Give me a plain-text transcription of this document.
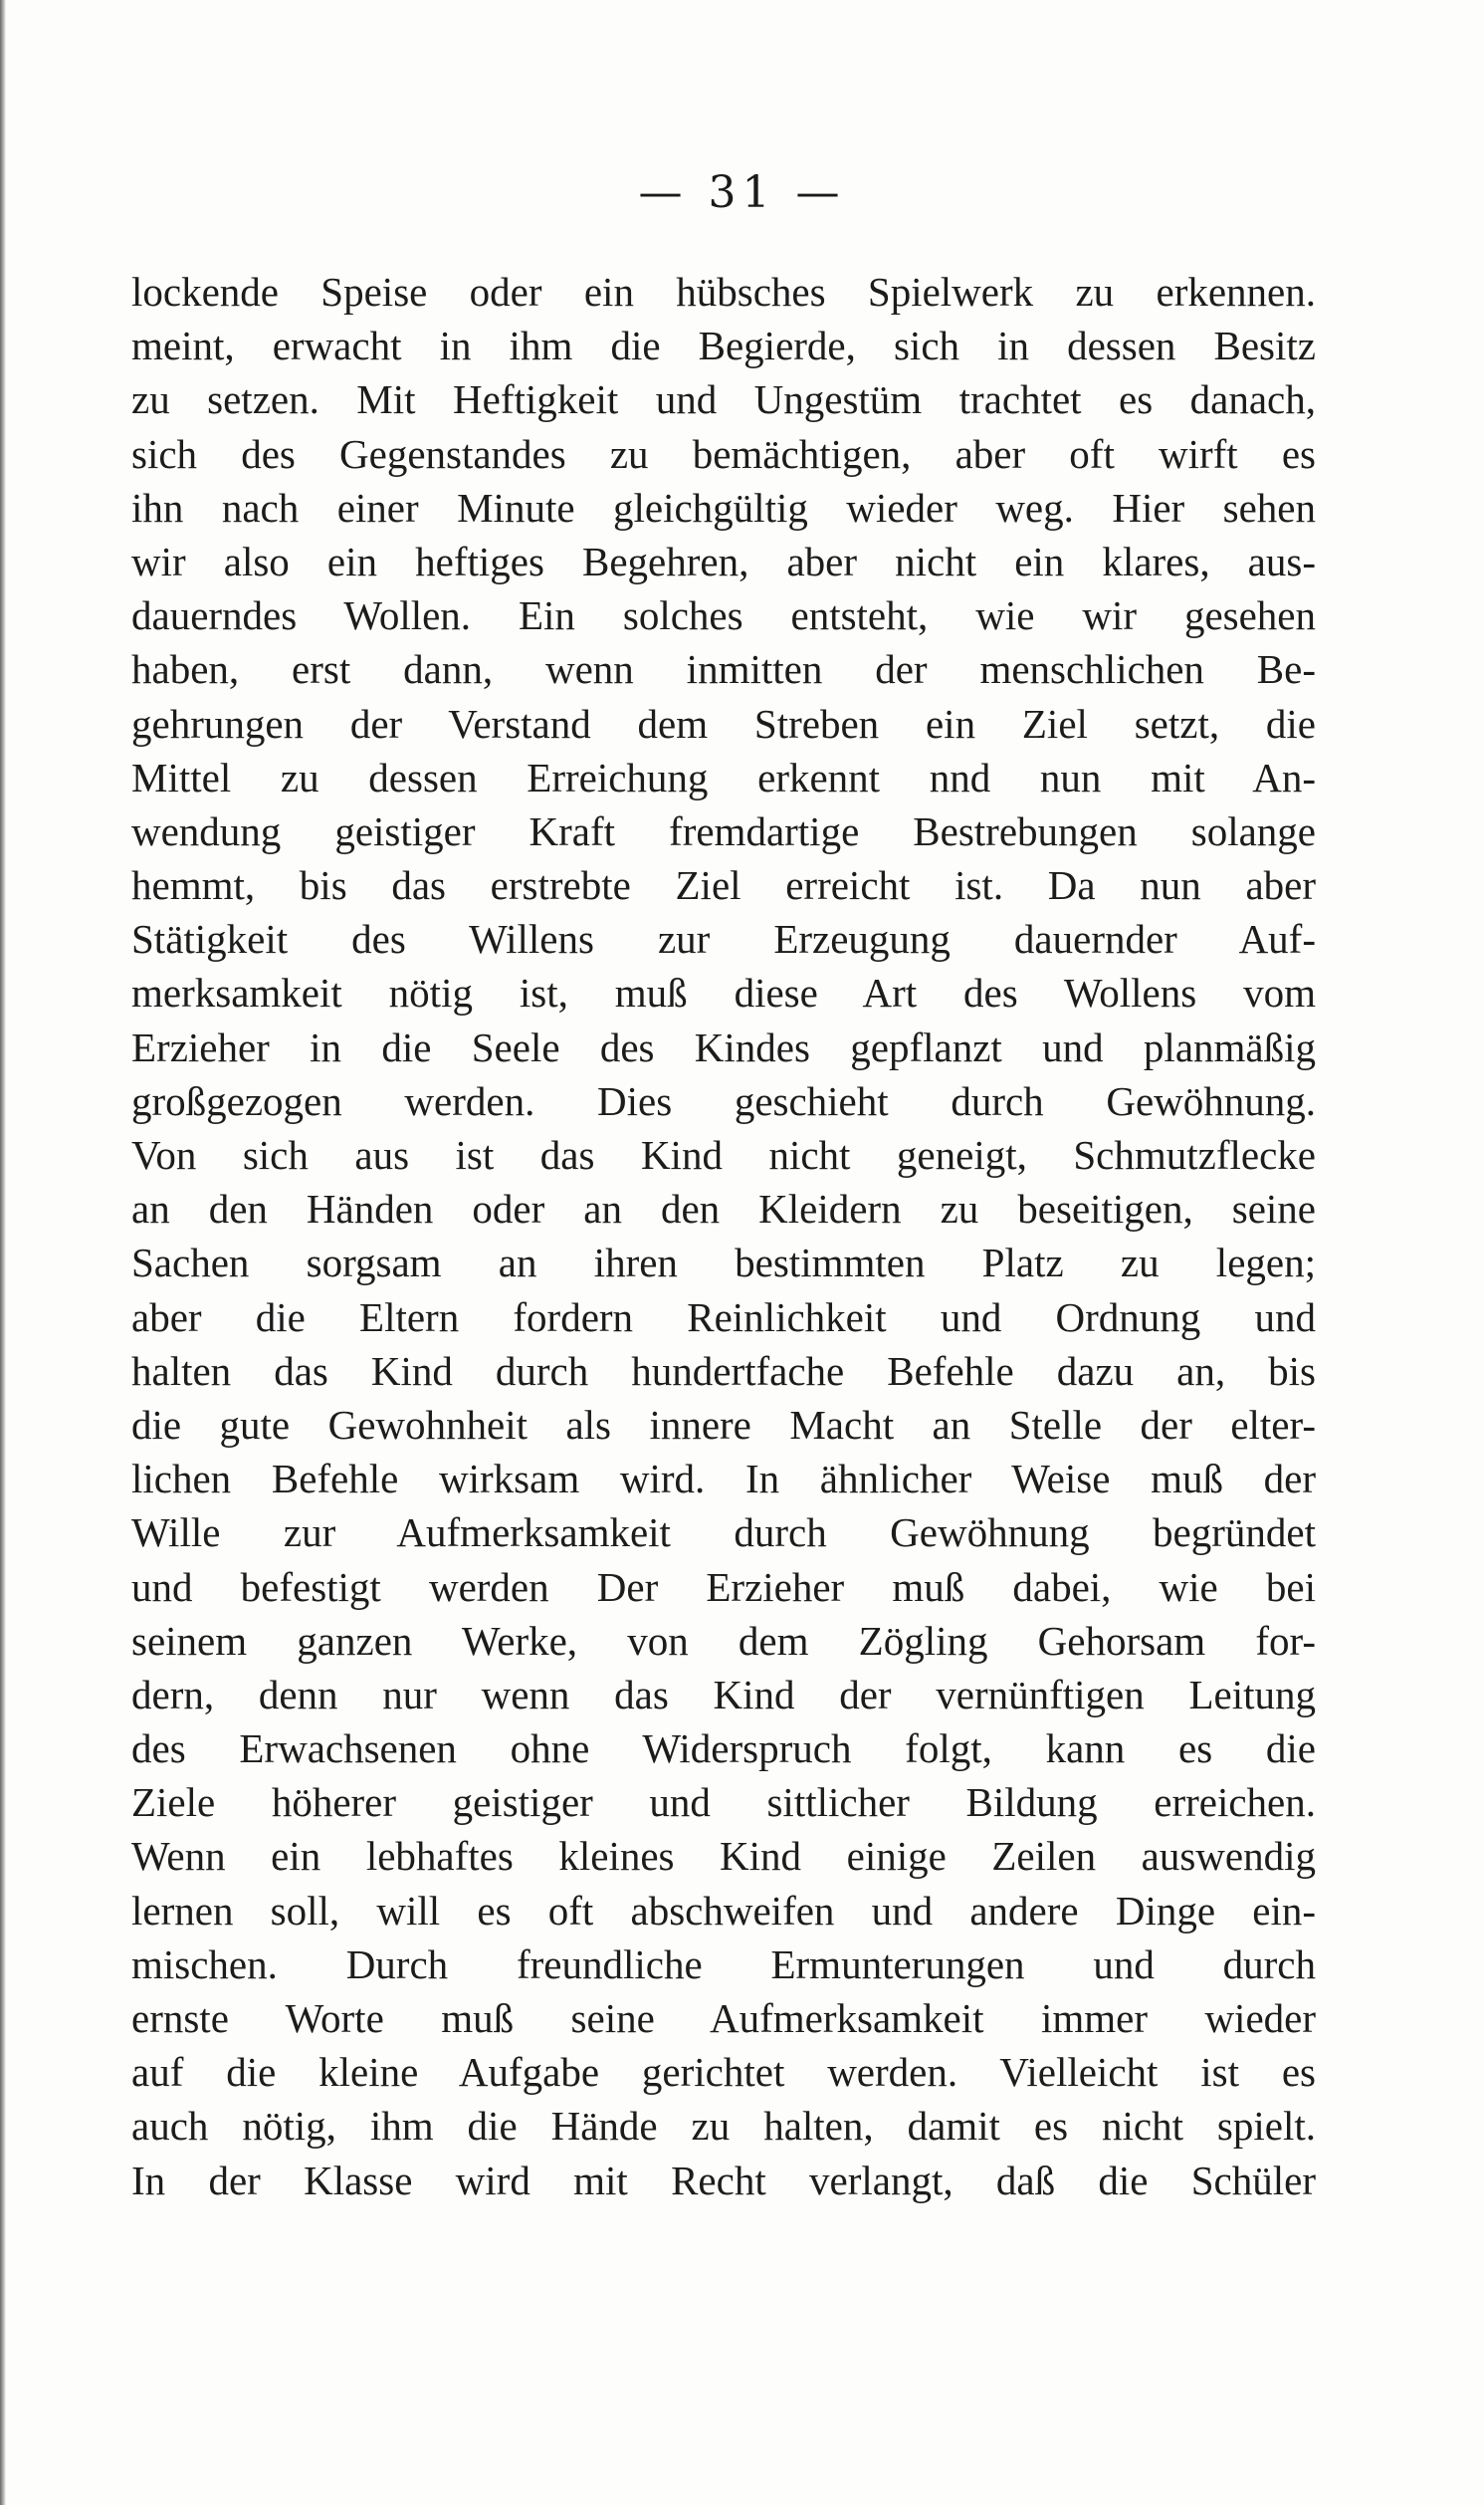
— 31 —
lockende Speise oder ein hübsches Spielwerk zu erkennen.
meint, erwacht in ihm die Begierde, sich in dessen Besitz
zu setzen. Mit Heftigkeit und Ungestüm trachtet es danach,
sich des Gegenstandes zu bemächtigen, aber oft wirft es
ihn nach einer Minute gleichgültig wieder weg. Hier sehen
wir also ein heftiges Begehren, aber nicht ein klares, aus-
dauerndes Wollen. Ein solches entsteht, wie wir gesehen
haben, erst dann, wenn inmitten der menschlichen Be-
gehrungen der Verstand dem Streben ein Ziel setzt, die
Mittel zu dessen Erreichung erkennt nnd nun mit An-
wendung geistiger Kraft fremdartige Bestrebungen solange
hemmt, bis das erstrebte Ziel erreicht ist. Da nun aber
Stätigkeit des Willens zur Erzeugung dauernder Auf-
merksamkeit nötig ist, muß diese Art des Wollens vom
Erzieher in die Seele des Kindes gepflanzt und planmäßig
großgezogen werden. Dies geschieht durch Gewöhnung.
Von sich aus ist das Kind nicht geneigt, Schmutzflecke
an den Händen oder an den Kleidern zu beseitigen, seine
Sachen sorgsam an ihren bestimmten Platz zu legen;
aber die Eltern fordern Reinlichkeit und Ordnung und
halten das Kind durch hundertfache Befehle dazu an, bis
die gute Gewohnheit als innere Macht an Stelle der elter-
lichen Befehle wirksam wird. In ähnlicher Weise muß der
Wille zur Aufmerksamkeit durch Gewöhnung begründet
und befestigt werden Der Erzieher muß dabei, wie bei
seinem ganzen Werke, von dem Zögling Gehorsam for-
dern, denn nur wenn das Kind der vernünftigen Leitung
des Erwachsenen ohne Widerspruch folgt, kann es die
Ziele höherer geistiger und sittlicher Bildung erreichen.
Wenn ein lebhaftes kleines Kind einige Zeilen auswendig
lernen soll, will es oft abschweifen und andere Dinge ein-
mischen. Durch freundliche Ermunterungen und durch
ernste Worte muß seine Aufmerksamkeit immer wieder
auf die kleine Aufgabe gerichtet werden. Vielleicht ist es
auch nötig, ihm die Hände zu halten, damit es nicht spielt.
In der Klasse wird mit Recht verlangt, daß die Schüler
